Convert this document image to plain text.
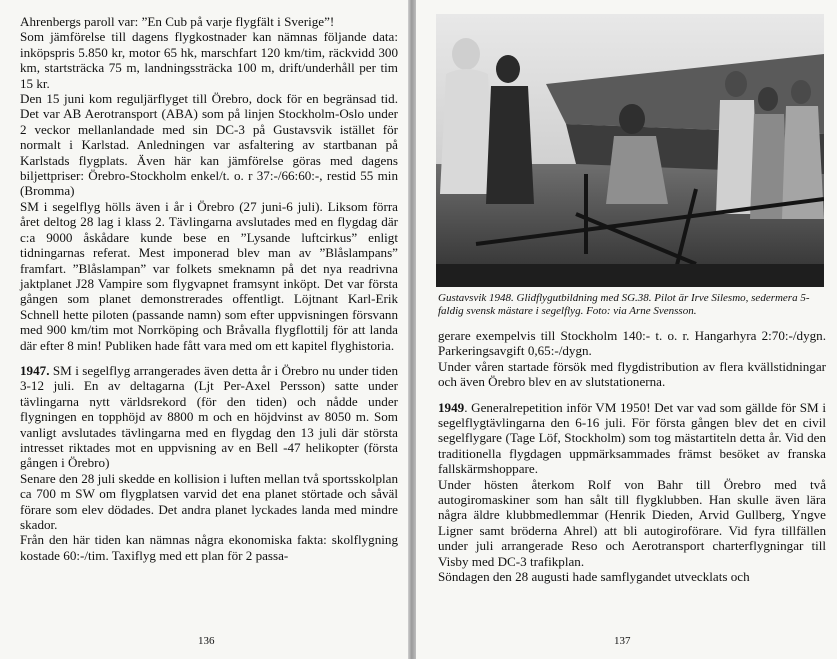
Ahrenbergs paroll var: ”En Cub på varje flygfält i Sverige”!

Som jämförelse till dagens flygkostnader kan nämnas följande data: inköpspris 5.850 kr, motor 65 hk, marschfart 120 km/tim, räckvidd 300 km, startsträcka 75 m, landningssträcka 100 m, drift/underhåll per tim 15 kr.

Den 15 juni kom reguljärflyget till Örebro, dock för en begränsad tid. Det var AB Aerotransport (ABA) som på linjen Stockholm-Oslo under 2 veckor mellanlandade med sin DC-3 på Gustavsvik istället för normalt i Karlstad. Anledningen var asfaltering av startbanan på Karlstads flygplats. Även här kan jämförelse göras med dagens biljettpriser: Örebro-Stockholm enkel/t. o. r 37:-/66:60:-, restid 55 min (Bromma)

SM i segelflyg hölls även i år i Örebro (27 juni-6 juli). Liksom förra året deltog 28 lag i klass 2. Tävlingarna avslutades med en flygdag där c:a 9000 åskådare kunde bese en ”Lysande luftcirkus” enligt tidningarnas referat. Mest imponerad blev man av ”Blåslampans” framfart. ”Blåslampan” var folkets smeknamn på det nya readrivna jaktplanet J28 Vampire som flygvapnet framsynt inköpt. Det var första gången som planet demonstrerades offentligt. Löjtnant Karl-Erik Schnell hette piloten (passande namn) som efter uppvisningen försvann med 900 km/tim mot Norrköping och Bråvalla flygflottilj för att landa där efter 8 min! Publiken hade fått vara med om ett kapitel flyghistoria.

1947. SM i segelflyg arrangerades även detta år i Örebro nu under tiden 3-12 juli. En av deltagarna (Ljt Per-Axel Persson) satte under tävlingarna nytt världsrekord (för den tiden) och nådde under flygningen en topphöjd av 8800 m och en höjdvinst av 8050 m. Som vanligt avslutades tävlingarna med en flygdag den 13 juli där största intresset riktades mot en uppvisning av en Bell -47 helikopter (första gången i Örebro)

Senare den 28 juli skedde en kollision i luften mellan två sportsskolplan ca 700 m SW om flygplatsen varvid det ena planet störtade och såväl förare som elev dödades. Det andra planet lyckades landa med mindre skador.

Från den här tiden kan nämnas några ekonomiska fakta: skolflygning kostade 60:-/tim. Taxiflyg med ett plan för 2 passa-

136
Gustavsvik 1948. Glidflygutbildning med SG.38. Pilot är Irve Silesmo, sedermera 5-faldig svensk mästare i segelflyg. Foto: via Arne Svensson.

gerare exempelvis till Stockholm 140:- t. o. r. Hangarhyra 2:70:-/dygn. Parkeringsavgift 0,65:-/dygn.

Under våren startade försök med flygdistribution av flera kvällstidningar och även Örebro blev en av slutstationerna.

1949. Generalrepetition inför VM 1950! Det var vad som gällde för SM i segelflygtävlingarna den 6-16 juli. För första gången blev det en civil segelflygare (Tage Löf, Stockholm) som tog mästartiteln detta år. Vid den traditionella flygdagen uppmärksammades främst besöket av franska fallskärmshoppare.

Under hösten återkom Rolf von Bahr till Örebro med två autogiromaskiner som han sålt till flygklubben. Han skulle även lära några äldre klubbmedlemmar (Henrik Dieden, Arvid Gullberg, Yngve Ligner samt bröderna Ahrel) att bli autogiroförare. Vid fyra tillfällen under juli arrangerade Reso och Aerotransport charterflygningar till Visby med DC-3 trafikplan.

Söndagen den 28 augusti hade samflygandet utvecklats och

137
